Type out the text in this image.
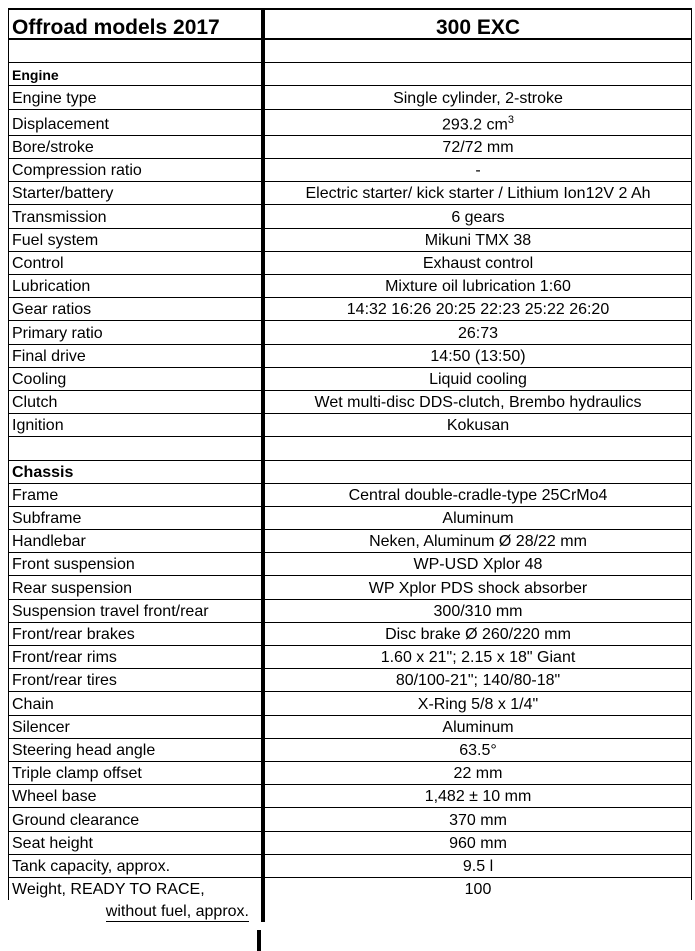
Offroad models 2017	300 EXC

Engine	
Engine type	Single cylinder, 2-stroke
Displacement	293.2 $cm^3$
Bore/stroke	72/72 mm
Compression ratio	-
Starter/battery	Electric starter/ kick starter / Lithium Ion12V 2 Ah
Transmission	6 gears
Fuel system	Mikuni TMX 38
Control	Exhaust control
Lubrication	Mixture oil lubrication 1:60
Gear ratios	14:32 16:26 20:25 22:23 25:22 26:20
Primary ratio	26:73
Final drive	14:50 (13:50)
Cooling	Liquid cooling
Clutch	Wet multi-disc DDS-clutch, Brembo hydraulics
Ignition	Kokusan

Chassis	
Frame	Central double-cradle-type 25CrMo4
Subframe	Aluminum
Handlebar	Neken, Aluminum Ø 28/22 mm
Front suspension	WP-USD Xplor 48
Rear suspension	WP Xplor PDS shock absorber
Suspension travel front/rear	300/310 mm
Front/rear brakes	Disc brake Ø 260/220 mm
Front/rear rims	1.60 x 21"; 2.15 x 18" Giant
Front/rear tires	80/100-21"; 140/80-18"
Chain	X-Ring 5/8 x 1/4"
Silencer	Aluminum
Steering head angle	63.5°
Triple clamp offset	22 mm
Wheel base	1,482 ± 10 mm
Ground clearance	370 mm
Seat height	960 mm
Tank capacity, approx.	9.5 l
Weight, READY TO RACE,	100
without fuel, approx.	
